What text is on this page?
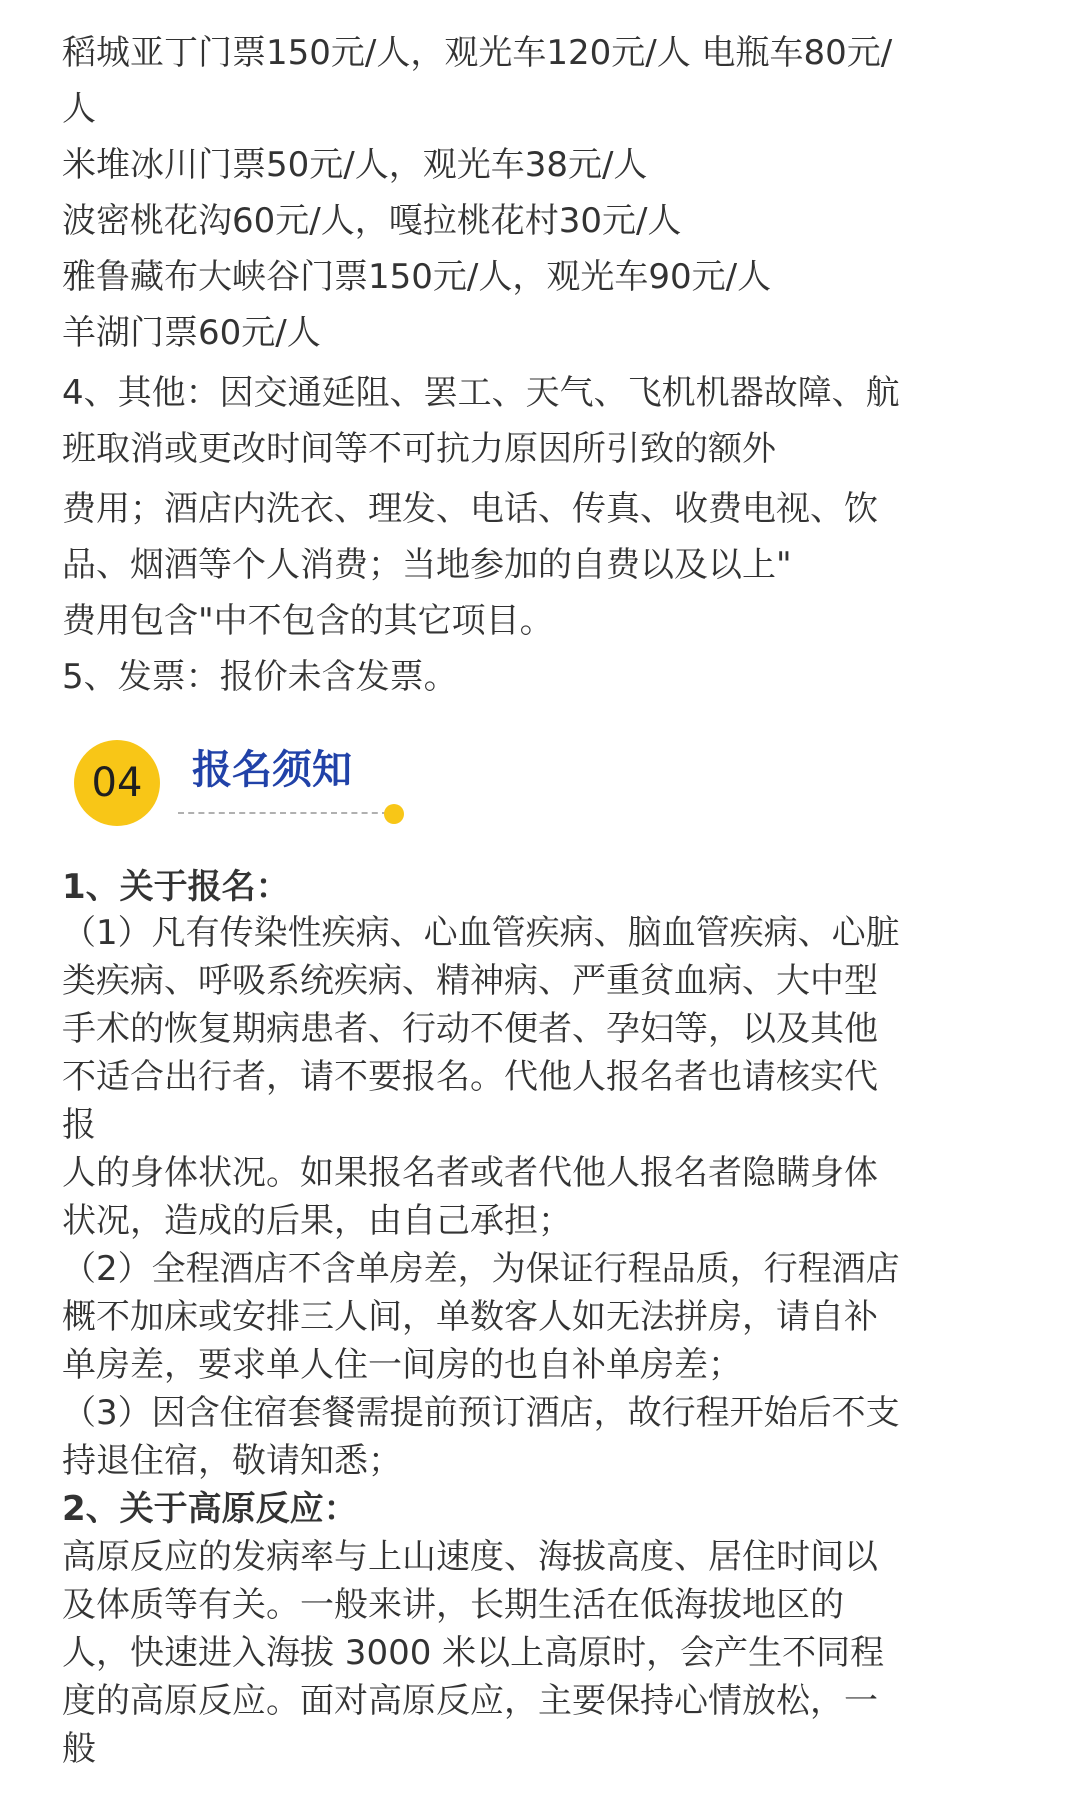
稻城亚丁门票150元/人，观光车120元/人 电瓶车80元/
人
米堆冰川门票50元/人，观光车38元/人
波密桃花沟60元/人，嘎拉桃花村30元/人
雅鲁藏布大峡谷门票150元/人，观光车90元/人
羊湖门票60元/人
4、其他：因交通延阻、罢工、天气、飞机机器故障、航
班取消或更改时间等不可抗力原因所引致的额外
费用；酒店内洗衣、理发、电话、传真、收费电视、饮
品、烟酒等个人消费；当地参加的自费以及以上"
费用包含"中不包含的其它项目。
5、发票：报价未含发票。
04	报名须知
1、关于报名：
（1）凡有传染性疾病、心血管疾病、脑血管疾病、心脏
类疾病、呼吸系统疾病、精神病、严重贫血病、大中型
手术的恢复期病患者、行动不便者、孕妇等，以及其他
不适合出行者，请不要报名。代他人报名者也请核实代
报
人的身体状况。如果报名者或者代他人报名者隐瞒身体
状况，造成的后果，由自己承担；
（2）全程酒店不含单房差，为保证行程品质，行程酒店
概不加床或安排三人间，单数客人如无法拼房，请自补
单房差，要求单人住一间房的也自补单房差；
（3）因含住宿套餐需提前预订酒店，故行程开始后不支
持退住宿，敬请知悉；
2、关于高原反应：
高原反应的发病率与上山速度、海拔高度、居住时间以
及体质等有关。一般来讲，长期生活在低海拔地区的
人，快速进入海拔 3000 米以上高原时，会产生不同程
度的高原反应。面对高原反应，主要保持心情放松，一
般
